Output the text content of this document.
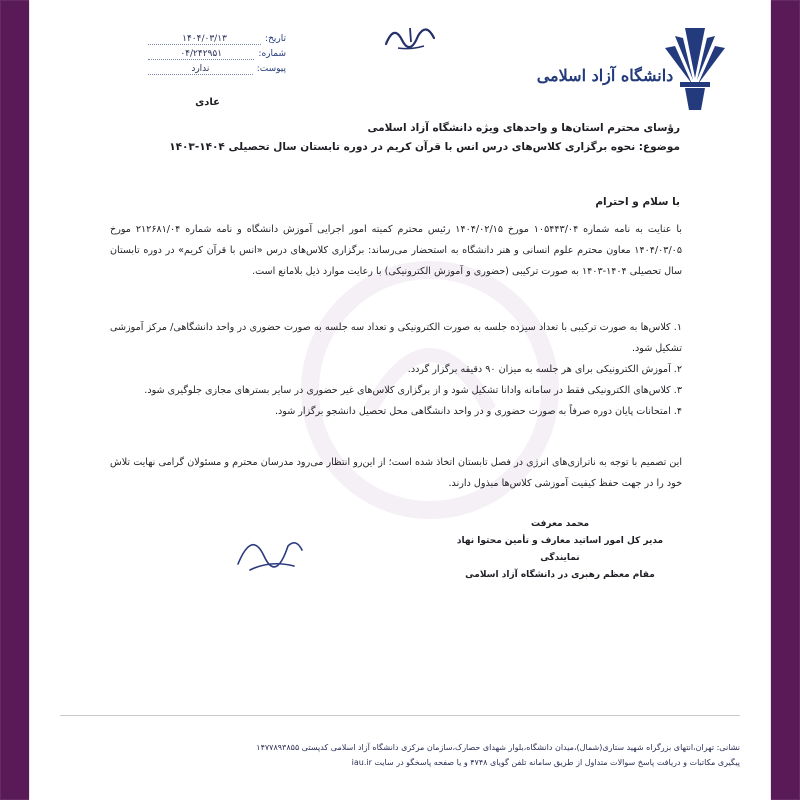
دانشگاه آزاد اسلامی
تاریخ:
۱۴۰۴/۰۳/۱۳
شماره:
۰۴/۲۴۲۹۵۱
پیوست:
ندارد
عادی
رؤسای محترم استان‌ها و واحدهای ویژه دانشگاه آزاد اسلامی
موضوع: نحوه برگزاری کلاس‌های درس انس با قرآن کریم در دوره تابستان سال تحصیلی ۱۴۰۴-۱۴۰۳
با سلام و احترام
با عنایت به نامه شماره ۱۰۵۴۴۳/۰۴ مورخ ۱۴۰۴/۰۲/۱۵ رئیس محترم کمیته امور اجرایی آموزش دانشگاه و نامه شماره ۲۱۲۶۸۱/۰۴ مورخ ۱۴۰۴/۰۳/۰۵ معاون محترم علوم انسانی و هنر دانشگاه به استحضار می‌رساند: برگزاری کلاس‌های درس «انس با قرآن کریم» در دوره تابستان سال تحصیلی ۱۴۰۴-۱۴۰۳ به صورت ترکیبی (حضوری و آموزش الکترونیکی) با رعایت موارد ذیل بلامانع است.
۱. کلاس‌ها به صورت ترکیبی با تعداد سیزده جلسه به صورت الکترونیکی و تعداد سه جلسه به صورت حضوری در واحد دانشگاهی/ مرکز آموزشی تشکیل شود.
۲. آموزش الکترونیکی برای هر جلسه به میزان ۹۰ دقیقه برگزار گردد.
۳. کلاس‌های الکترونیکی فقط در سامانه وادانا تشکیل شود و از برگزاری کلاس‌های غیر حضوری در سایر بسترهای مجازی جلوگیری شود.
۴. امتحانات پایان دوره صرفاً به صورت حضوری و در واحد دانشگاهی محل تحصیل دانشجو برگزار شود.
این تصمیم با توجه به ناترازی‌های انرژی در فصل تابستان اتخاذ شده است؛ از این‌رو انتظار می‌رود مدرسان محترم و مسئولان گرامی نهایت تلاش خود را در جهت حفظ کیفیت آموزشی کلاس‌ها مبذول دارند.
محمد معرفت
مدیر کل امور اساتید معارف و تأمین محتوا نهاد نمایندگی
مقام معظم رهبری در دانشگاه آزاد اسلامی
نشانی: تهران،انتهای بزرگراه شهید ستاری(شمال)،میدان دانشگاه،بلوار شهدای حصارک،سازمان مرکزی دانشگاه آزاد اسلامی کدپستی ۱۴۷۷۸۹۳۸۵۵
پیگیری مکاتبات و دریافت پاسخ سوالات متداول از طریق سامانه تلفن گویای ۴۷۴۸ و یا صفحه پاسخگو در سایت iau.ir
